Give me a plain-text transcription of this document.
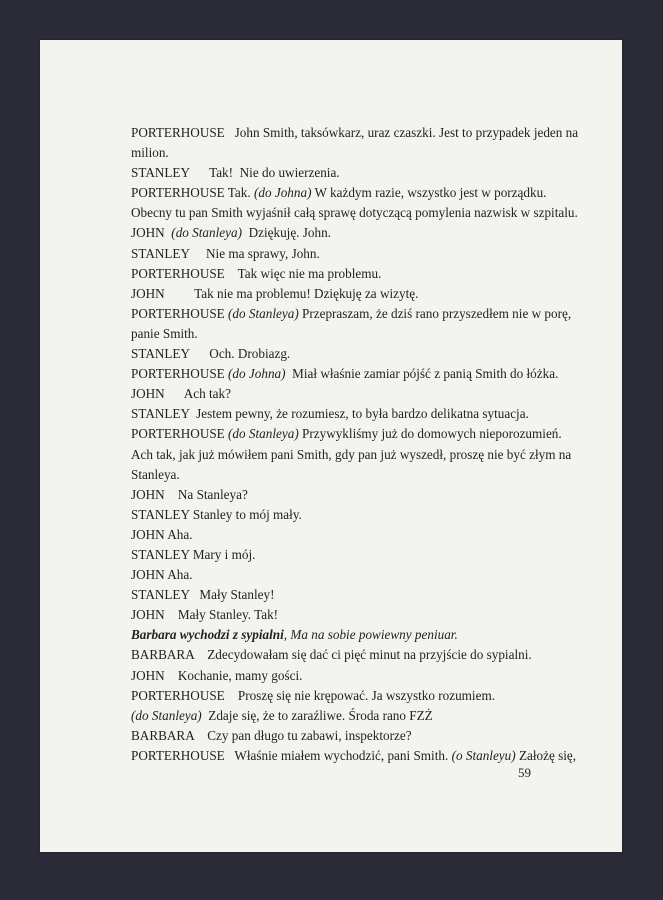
PORTERHOUSE   John Smith, taksówkarz, uraz czaszki. Jest to przypadek jeden na
milion.
STANLEY      Tak!  Nie do uwierzenia.
PORTERHOUSE Tak. (do Johna) W każdym razie, wszystko jest w porządku.
Obecny tu pan Smith wyjaśnił całą sprawę dotyczącą pomylenia nazwisk w szpitalu.
JOHN  (do Stanleya)  Dziękuję. John.
STANLEY     Nie ma sprawy, John.
PORTERHOUSE    Tak więc nie ma problemu.
JOHN         Tak nie ma problemu! Dziękuję za wizytę.
PORTERHOUSE (do Stanleya) Przepraszam, że dziś rano przyszedłem nie w porę,
panie Smith.
STANLEY      Och. Drobiazg.
PORTERHOUSE (do Johna)  Miał właśnie zamiar pójść z panią Smith do łóżka.
JOHN      Ach tak?
STANLEY  Jestem pewny, że rozumiesz, to była bardzo delikatna sytuacja.
PORTERHOUSE (do Stanleya) Przywykliśmy już do domowych nieporozumień.
Ach tak, jak już mówiłem pani Smith, gdy pan już wyszedł, proszę nie być złym na
Stanleya.
JOHN    Na Stanleya?
STANLEY Stanley to mój mały.
JOHN Aha.
STANLEY Mary i mój.
JOHN Aha.
STANLEY   Mały Stanley!
JOHN    Mały Stanley. Tak!
Barbara wychodzi z sypialni, Ma na sobie powiewny peniuar.
BARBARA    Zdecydowałam się dać ci pięć minut na przyjście do sypialni.
JOHN    Kochanie, mamy gości.
PORTERHOUSE    Proszę się nie krępować. Ja wszystko rozumiem.
(do Stanleya)  Zdaje się, że to zaraźliwe. Środa rano FZŻ
BARBARA    Czy pan długo tu zabawi, inspektorze?
PORTERHOUSE   Właśnie miałem wychodzić, pani Smith. (o Stanleyu) Założę się,
59
